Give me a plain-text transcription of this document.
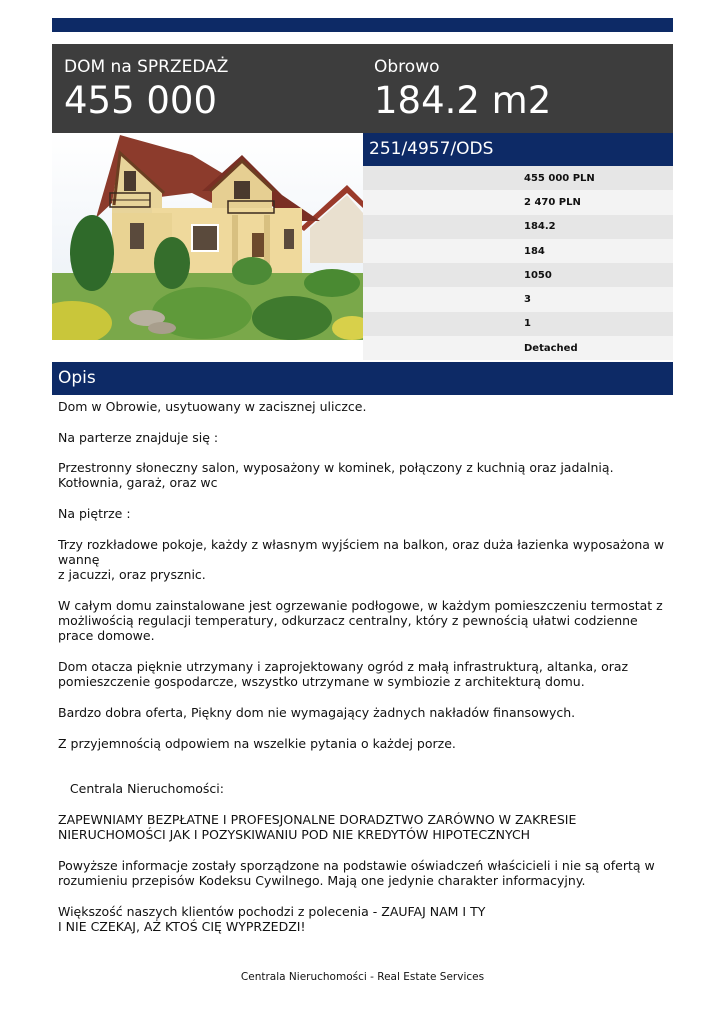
DOM na SPRZEDAŻ
455 000
Obrowo
184.2 m2
251/4957/ODS
455 000 PLN
2 470 PLN
184.2
184
1050
3
1
Detached
Opis
Dom w Obrowie, usytuowany w zacisznej uliczce.

Na parterze znajduje się :

Przestronny słoneczny salon, wyposażony w kominek, połączony z kuchnią oraz jadalnią.
Kotłownia, garaż, oraz wc

Na piętrze :

Trzy rozkładowe pokoje, każdy z własnym wyjściem na balkon, oraz duża łazienka wyposażona w wannę
z jacuzzi, oraz prysznic.

W całym domu zainstalowane jest ogrzewanie podłogowe, w każdym pomieszczeniu termostat z możliwością regulacji temperatury, odkurzacz centralny, który z pewnością ułatwi codzienne prace domowe.

Dom otacza pięknie utrzymany i zaprojektowany ogród z małą infrastrukturą, altanka, oraz pomieszczenie gospodarcze, wszystko utrzymane w symbiozie z architekturą domu.

Bardzo dobra oferta, Piękny dom nie wymagający żadnych nakładów finansowych.

Z przyjemnością odpowiem na wszelkie pytania o każdej porze.

Centrala Nieruchomości:

ZAPEWNIAMY BEZPŁATNE I PROFESJONALNE DORADZTWO ZARÓWNO W ZAKRESIE NIERUCHOMOŚCI JAK I POZYSKIWANIU POD NIE KREDYTÓW HIPOTECZNYCH

Powyższe informacje zostały sporządzone na podstawie oświadczeń właścicieli i nie są ofertą w rozumieniu przepisów Kodeksu Cywilnego. Mają one jedynie charakter informacyjny.

Większość naszych klientów pochodzi z polecenia - ZAUFAJ NAM I TY
I NIE CZEKAJ, AŻ KTOŚ CIĘ WYPRZEDZI!
Centrala Nieruchomości - Real Estate Services
